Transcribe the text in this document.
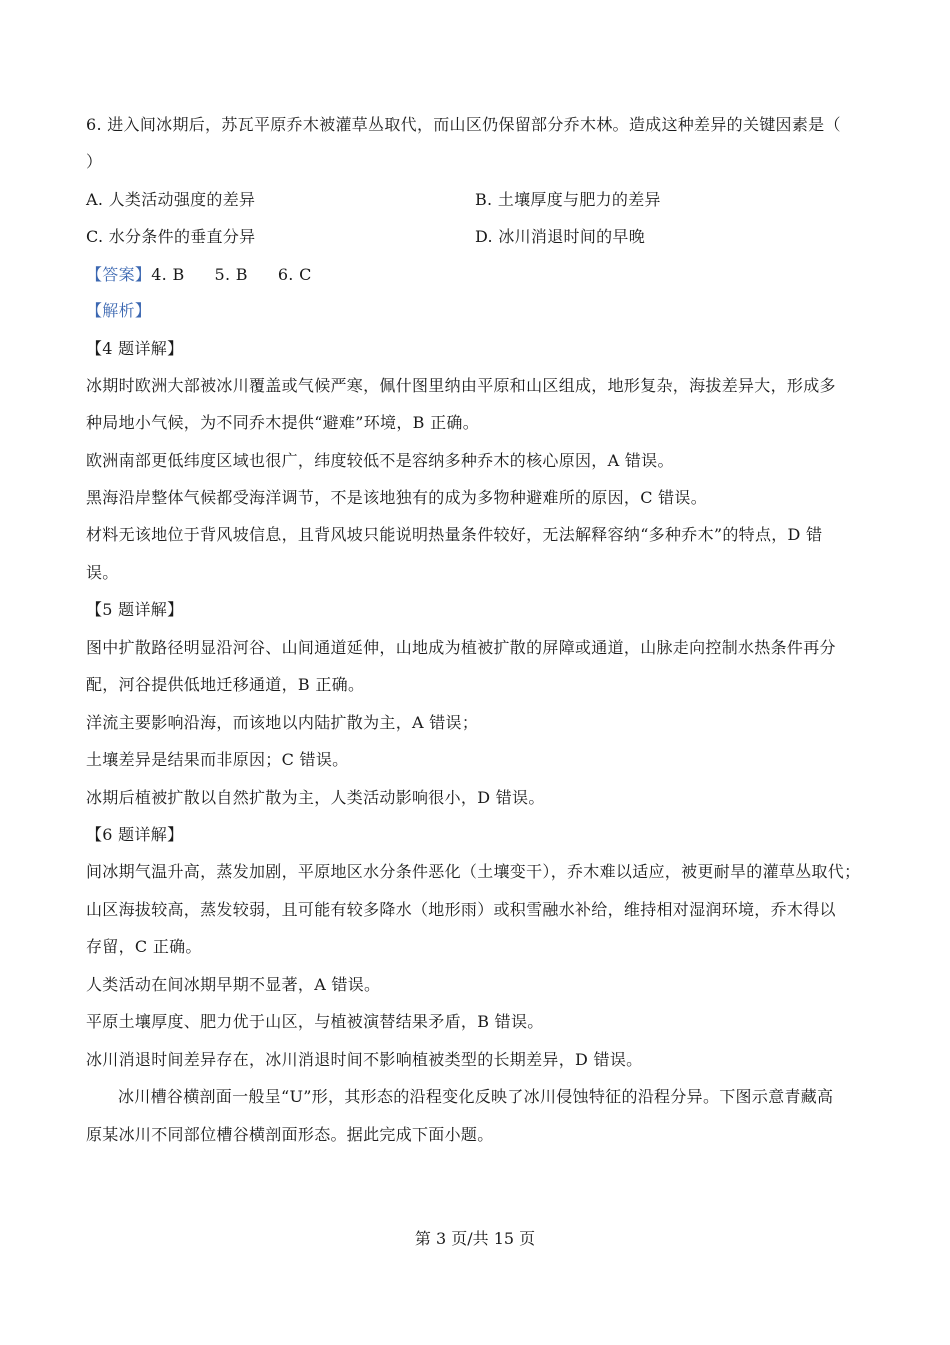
6. 进入间冰期后，苏瓦平原乔木被灌草丛取代，而山区仍保留部分乔木林。造成这种差异的关键因素是（
）
A. 人类活动强度的差异	B. 土壤厚度与肥力的差异
C. 水分条件的垂直分异	D. 冰川消退时间的早晚
【答案】4. B 5. B 6. C
【解析】
【4 题详解】
冰期时欧洲大部被冰川覆盖或气候严寒，佩什图里纳由平原和山区组成，地形复杂，海拔差异大，形成多
种局地小气候，为不同乔木提供“避难”环境，B 正确。
欧洲南部更低纬度区域也很广，纬度较低不是容纳多种乔木的核心原因，A 错误。
黑海沿岸整体气候都受海洋调节，不是该地独有的成为多物种避难所的原因，C 错误。
材料无该地位于背风坡信息，且背风坡只能说明热量条件较好，无法解释容纳“多种乔木”的特点，D 错
误。
【5 题详解】
图中扩散路径明显沿河谷、山间通道延伸，山地成为植被扩散的屏障或通道，山脉走向控制水热条件再分
配，河谷提供低地迁移通道，B 正确。
洋流主要影响沿海，而该地以内陆扩散为主，A 错误；
土壤差异是结果而非原因；C 错误。
冰期后植被扩散以自然扩散为主，人类活动影响很小，D 错误。
【6 题详解】
间冰期气温升高，蒸发加剧，平原地区水分条件恶化（土壤变干），乔木难以适应，被更耐旱的灌草丛取代；
山区海拔较高，蒸发较弱，且可能有较多降水（地形雨）或积雪融水补给，维持相对湿润环境，乔木得以
存留，C 正确。
人类活动在间冰期早期不显著，A 错误。
平原土壤厚度、肥力优于山区，与植被演替结果矛盾，B 错误。
冰川消退时间差异存在，冰川消退时间不影响植被类型的长期差异，D 错误。
冰川槽谷横剖面一般呈“U”形，其形态的沿程变化反映了冰川侵蚀特征的沿程分异。下图示意青藏高
原某冰川不同部位槽谷横剖面形态。据此完成下面小题。
第 3 页/共 15 页
